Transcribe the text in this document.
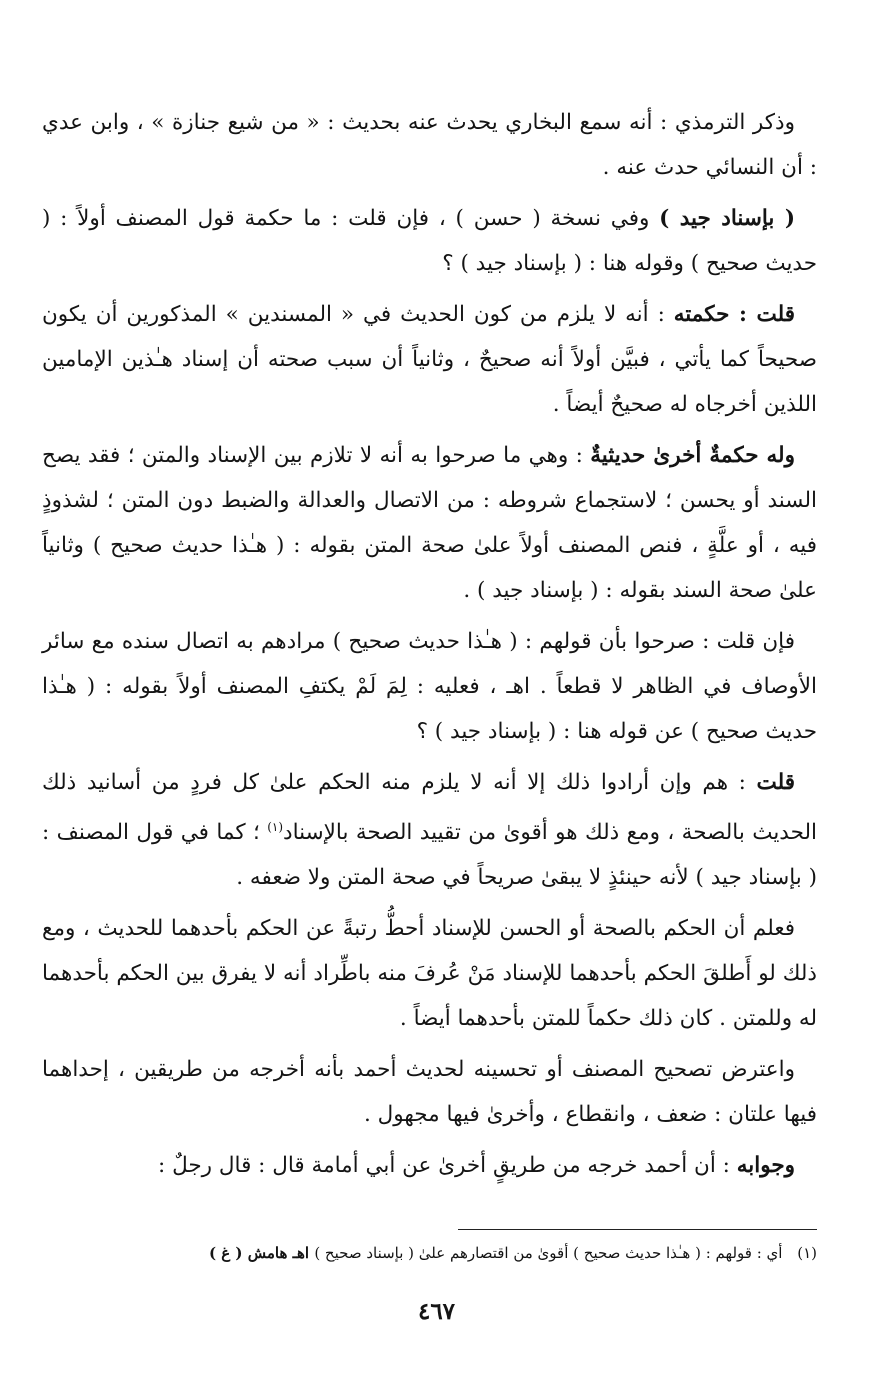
وذكر الترمذي : أنه سمع البخاري يحدث عنه بحديث : « من شيع جنازة » ، وابن عدي : أن النسائي حدث عنه .

( بإسناد جيد ) وفي نسخة ( حسن ) ، فإن قلت : ما حكمة قول المصنف أولاً : ( حديث صحيح ) وقوله هنا : ( بإسناد جيد ) ؟

قلت : حكمته : أنه لا يلزم من كون الحديث في « المسندين » المذكورين أن يكون صحيحاً كما يأتي ، فبيَّن أولاً أنه صحيحٌ ، وثانياً أن سبب صحته أن إسناد هـٰذين الإمامين اللذين أخرجاه له صحيحٌ أيضاً .

وله حكمةٌ أخرىٰ حديثيةٌ : وهي ما صرحوا به أنه لا تلازم بين الإسناد والمتن ؛ فقد يصح السند أو يحسن ؛ لاستجماع شروطه : من الاتصال والعدالة والضبط دون المتن ؛ لشذوذٍ فيه ، أو علَّةٍ ، فنص المصنف أولاً علىٰ صحة المتن بقوله : ( هـٰذا حديث صحيح ) وثانياً علىٰ صحة السند بقوله : ( بإسناد جيد ) .

فإن قلت : صرحوا بأن قولهم : ( هـٰذا حديث صحيح ) مرادهم به اتصال سنده مع سائر الأوصاف في الظاهر لا قطعاً . اهـ ، فعليه : لِمَ لَمْ يكتفِ المصنف أولاً بقوله : ( هـٰذا حديث صحيح ) عن قوله هنا : ( بإسناد جيد ) ؟

قلت : هم وإن أرادوا ذلك إلا أنه لا يلزم منه الحكم علىٰ كل فردٍ من أسانيد ذلك الحديث بالصحة ، ومع ذلك هو أقوىٰ من تقييد الصحة بالإسناد$^{(١)}$ ؛ كما في قول المصنف : ( بإسناد جيد ) لأنه حينئذٍ لا يبقىٰ صريحاً في صحة المتن ولا ضعفه .

فعلم أن الحكم بالصحة أو الحسن للإسناد أحطُّ رتبةً عن الحكم بأحدهما للحديث ، ومع ذلك لو أَطلقَ الحكم بأحدهما للإسناد مَنْ عُرفَ منه باطِّراد أنه لا يفرق بين الحكم بأحدهما له وللمتن . كان ذلك حكماً للمتن بأحدهما أيضاً .

واعترض تصحيح المصنف أو تحسينه لحديث أحمد بأنه أخرجه من طريقين ، إحداهما فيها علتان : ضعف ، وانقطاع ، وأخرىٰ فيها مجهول .

وجوابه : أن أحمد خرجه من طريقٍ أخرىٰ عن أبي أمامة قال : قال رجلٌ :

(١) أي : قولهم : ( هـٰذا حديث صحيح ) أقوىٰ من اقتصارهم علىٰ ( بإسناد صحيح ) اهـ هامش ( غ )
٤٦٧
